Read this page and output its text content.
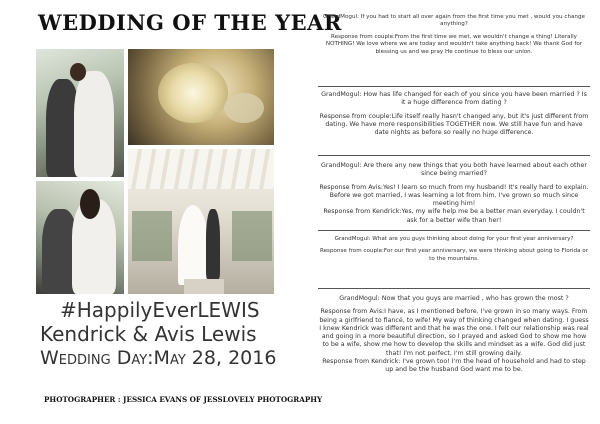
WEDDING OF THE YEAR
#HappilyEverLEWIS
Kendrick & Avis Lewis
Wedding Day:May 28, 2016
PHOTOGRAPHER : JESSICA EVANS OF JESSLOVELY PHOTOGRAPHY

GrandMogul: If you had to start all over again from the first time you met , would you change anything?

Response from couple:From the first time we met, we wouldn't change a thing! Literally NOTHING! We love where we are today and wouldn't take anything back! We thank God for blessing us and we pray He continue to bless our union.

GrandMogul: How has life changed for each of you since you have been married ? Is it a huge difference from dating ?

Response from couple:Life itself really hasn't changed any, but it's just different from dating. We have more responsibilities TOGETHER now. We still have fun and have date nights as before so really no huge difference.

GrandMogul: Are there any new things that you both have learned about each other since being married?

Response from Avis:Yes! I learn so much from my husband! It's really hard to explain. Before we got married, I was learning a lot from him. I've grown so much since meeting him!

Response from Kendrick:Yes, my wife help me be a better man everyday. I couldn't ask for a better wife than her!

GrandMogul: What are you guys thinking about doing for your first year anniversary?

Response from couple:For our first year anniversary, we were thinking about going to Florida or to the mountains.

GrandMogul: Now that you guys are married , who has grown the most ?

Response from Avis:I have, as I mentioned before. I've grown in so many ways. From being a girlfriend to fiancé, to wife! My way of thinking changed when dating. I guess I knew Kendrick was different and that he was the one. I felt our relationship was real and going in a more beautiful direction, so I prayed and asked God to show me how to be a wife, show me how to develop the skills and mindset as a wife. God did just that! I'm not perfect, I'm still growing daily.

Response from Kendrick: I've grown too! I'm the head of household and had to step up and be the husband God want me to be.
